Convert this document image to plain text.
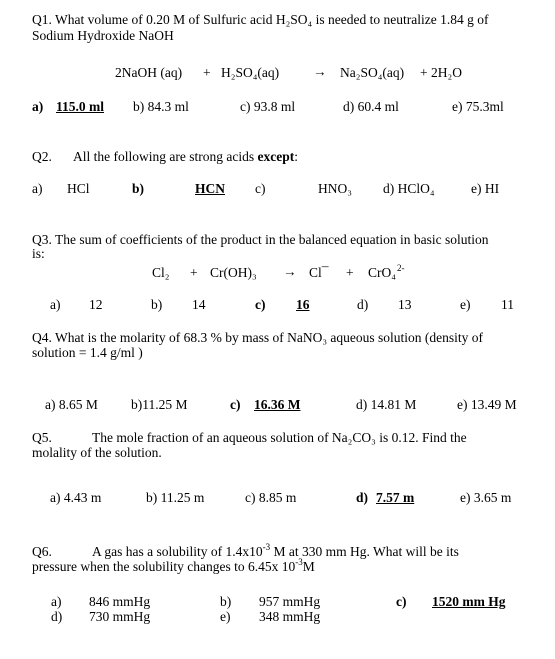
Q1. What volume of 0.20 M of Sulfuric acid H₂SO₄ is needed to neutralize 1.84 g of
Sodium Hydroxide NaOH
2NaOH (aq) + H₂SO₄(aq)	→ Na₂SO₄(aq) + 2H₂O
a) 115.0 ml b) 84.3 ml	c) 93.8 ml	d) 60.4 ml	e) 75.3ml
Q2. All the following are strong acids except:
a) HCl	b)	HCN c)	HNO₃ d) HClO₄	e) HI
Q3. The sum of coefficients of the product in the balanced equation in basic solution
is:
Cl₂ + Cr(OH)₃ → Cl¯ + CrO₄$^{2-}$
a) 12	b) 14	c) 16	d) 13	e) 11
Q4. What is the molarity of 68.3 % by mass of NaNO₃ aqueous solution (density of
solution = 1.4 g/ml )
a) 8.65 M b)11.25 M	c) 16.36 M	d) 14.81 M	e) 13.49 M
Q5.	The mole fraction of an aqueous solution of Na₂CO₃ is 0.12. Find the
molality of the solution.
a) 4.43 m	b) 11.25 m	c) 8.85 m	d) 7.57 m	e) 3.65 m
Q6.	A gas has a solubility of $1.4x10^{-3}$ M at 330 mm Hg. What will be its
pressure when the solubility changes to 6.45x $10^{-3}M$
a) 846 mmHg	b) 957 mmHg	c) 1520 mm Hg
d) 730 mmHg	e) 348 mmHg
